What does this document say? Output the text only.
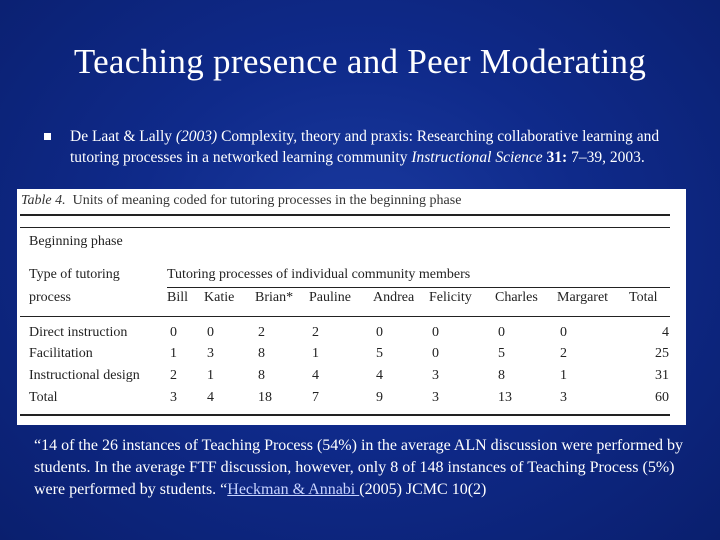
Teaching presence and Peer Moderating
De Laat & Lally (2003) Complexity, theory and praxis: Researching collaborative learning and tutoring processes in a networked learning community Instructional Science 31: 7–39, 2003.
Table 4. Units of meaning coded for tutoring processes in the beginning phase
Beginning phase
Type of tutoring
process
Tutoring processes of individual community members
Bill Katie Brian* Pauline Andrea Felicity Charles Margaret Total
Direct instruction	0 0	2	2	0	0	0	0	4
Facilitation	1 3	8	1	5	0	5	2	25
Instructional design 2 1	8	4	4	3	8	1	31
Total	3 4	18	7	9	3	13	3	60
“14 of the 26 instances of Teaching Process (54%) in the average ALN discussion were performed by students. In the average FTF discussion, however, only 8 of 148 instances of Teaching Process (5%) were performed by students. “Heckman & Annabi (2005) JCMC 10(2)
